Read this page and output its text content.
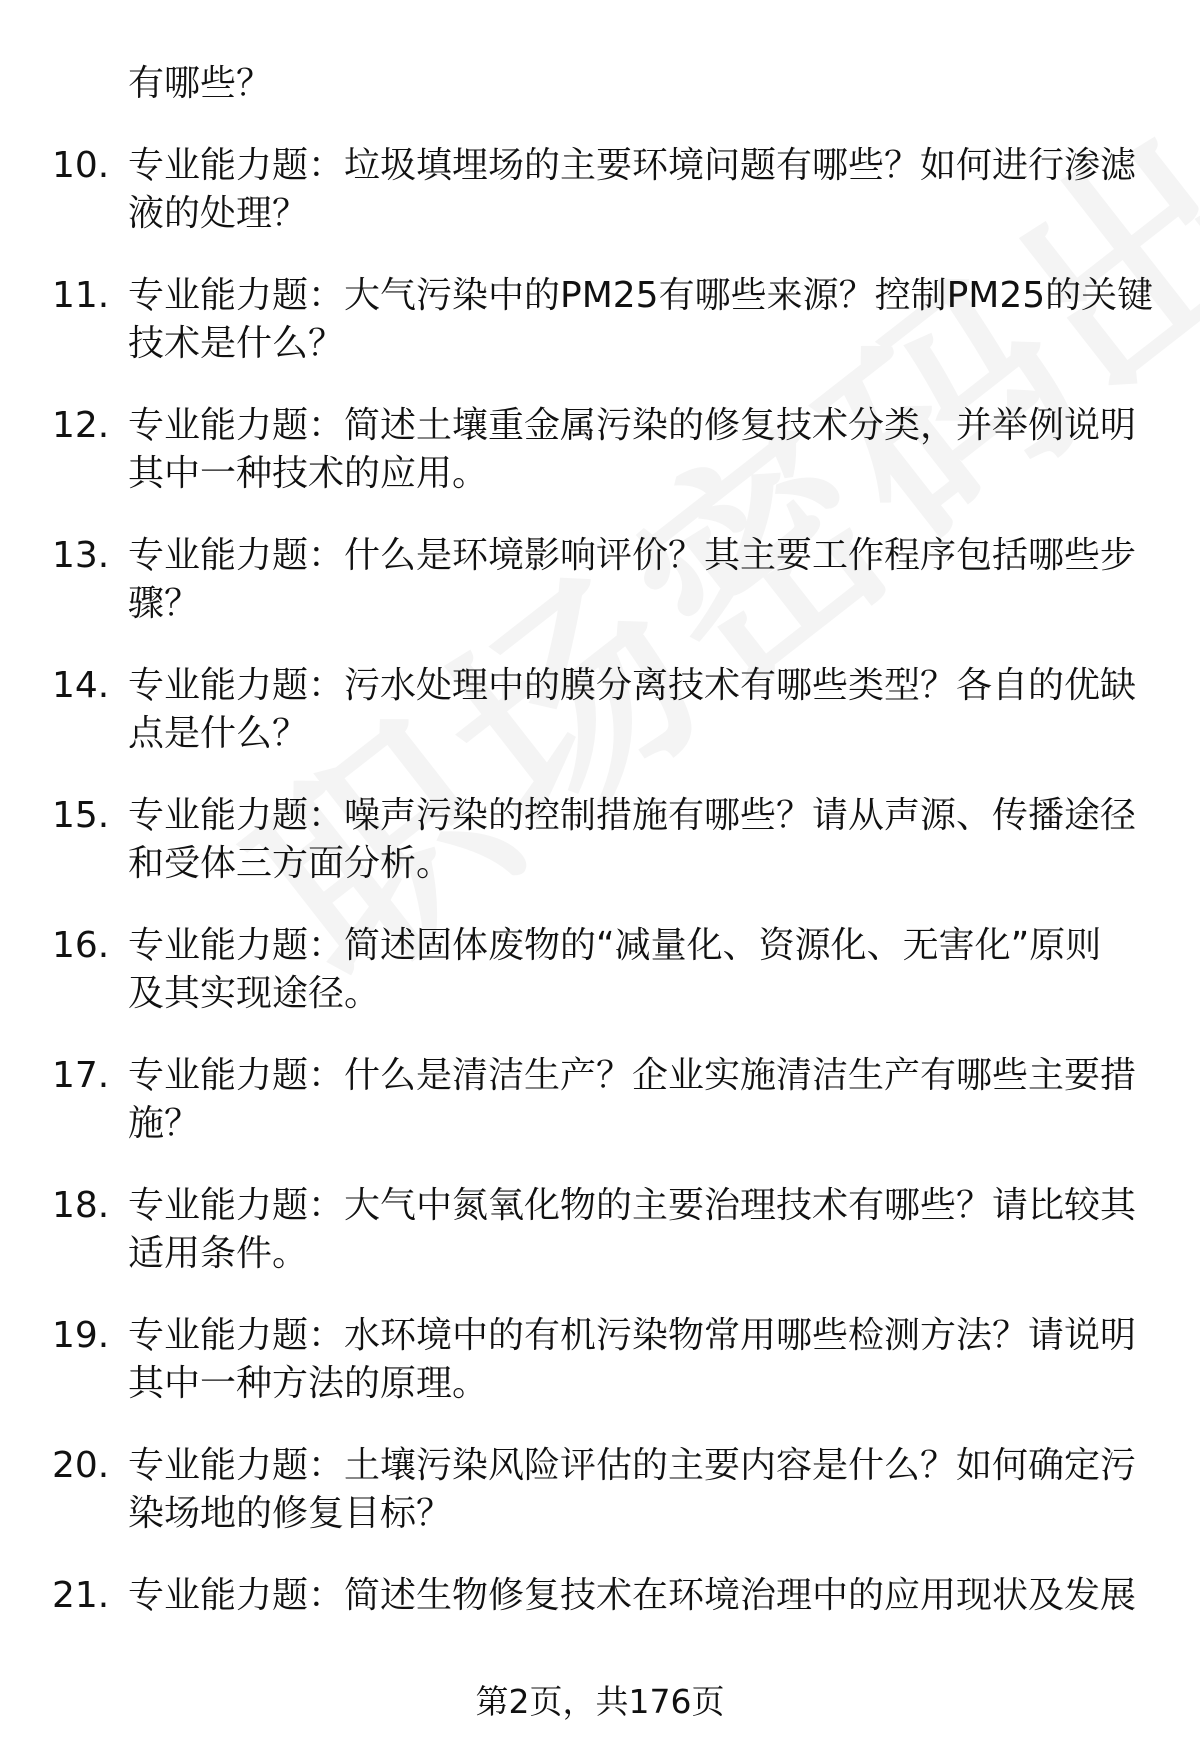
有哪些？
10. 专业能力题：垃圾填埋场的主要环境问题有哪些？如何进行渗滤
液的处理？
11. 专业能力题：大气污染中的PM25有哪些来源？控制PM25的关键
技术是什么？
12. 专业能力题：简述土壤重金属污染的修复技术分类，并举例说明
其中一种技术的应用。
13. 专业能力题：什么是环境影响评价？其主要工作程序包括哪些步
骤？
14. 专业能力题：污水处理中的膜分离技术有哪些类型？各自的优缺
点是什么？
15. 专业能力题：噪声污染的控制措施有哪些？请从声源、传播途径
和受体三方面分析。
16. 专业能力题：简述固体废物的“减量化、资源化、无害化”原则
及其实现途径。
17. 专业能力题：什么是清洁生产？企业实施清洁生产有哪些主要措
施？
18. 专业能力题：大气中氮氧化物的主要治理技术有哪些？请比较其
适用条件。
19. 专业能力题：水环境中的有机污染物常用哪些检测方法？请说明
其中一种方法的原理。
20. 专业能力题：土壤污染风险评估的主要内容是什么？如何确定污
染场地的修复目标？
21. 专业能力题：简述生物修复技术在环境治理中的应用现状及发展
第2页，共176页
